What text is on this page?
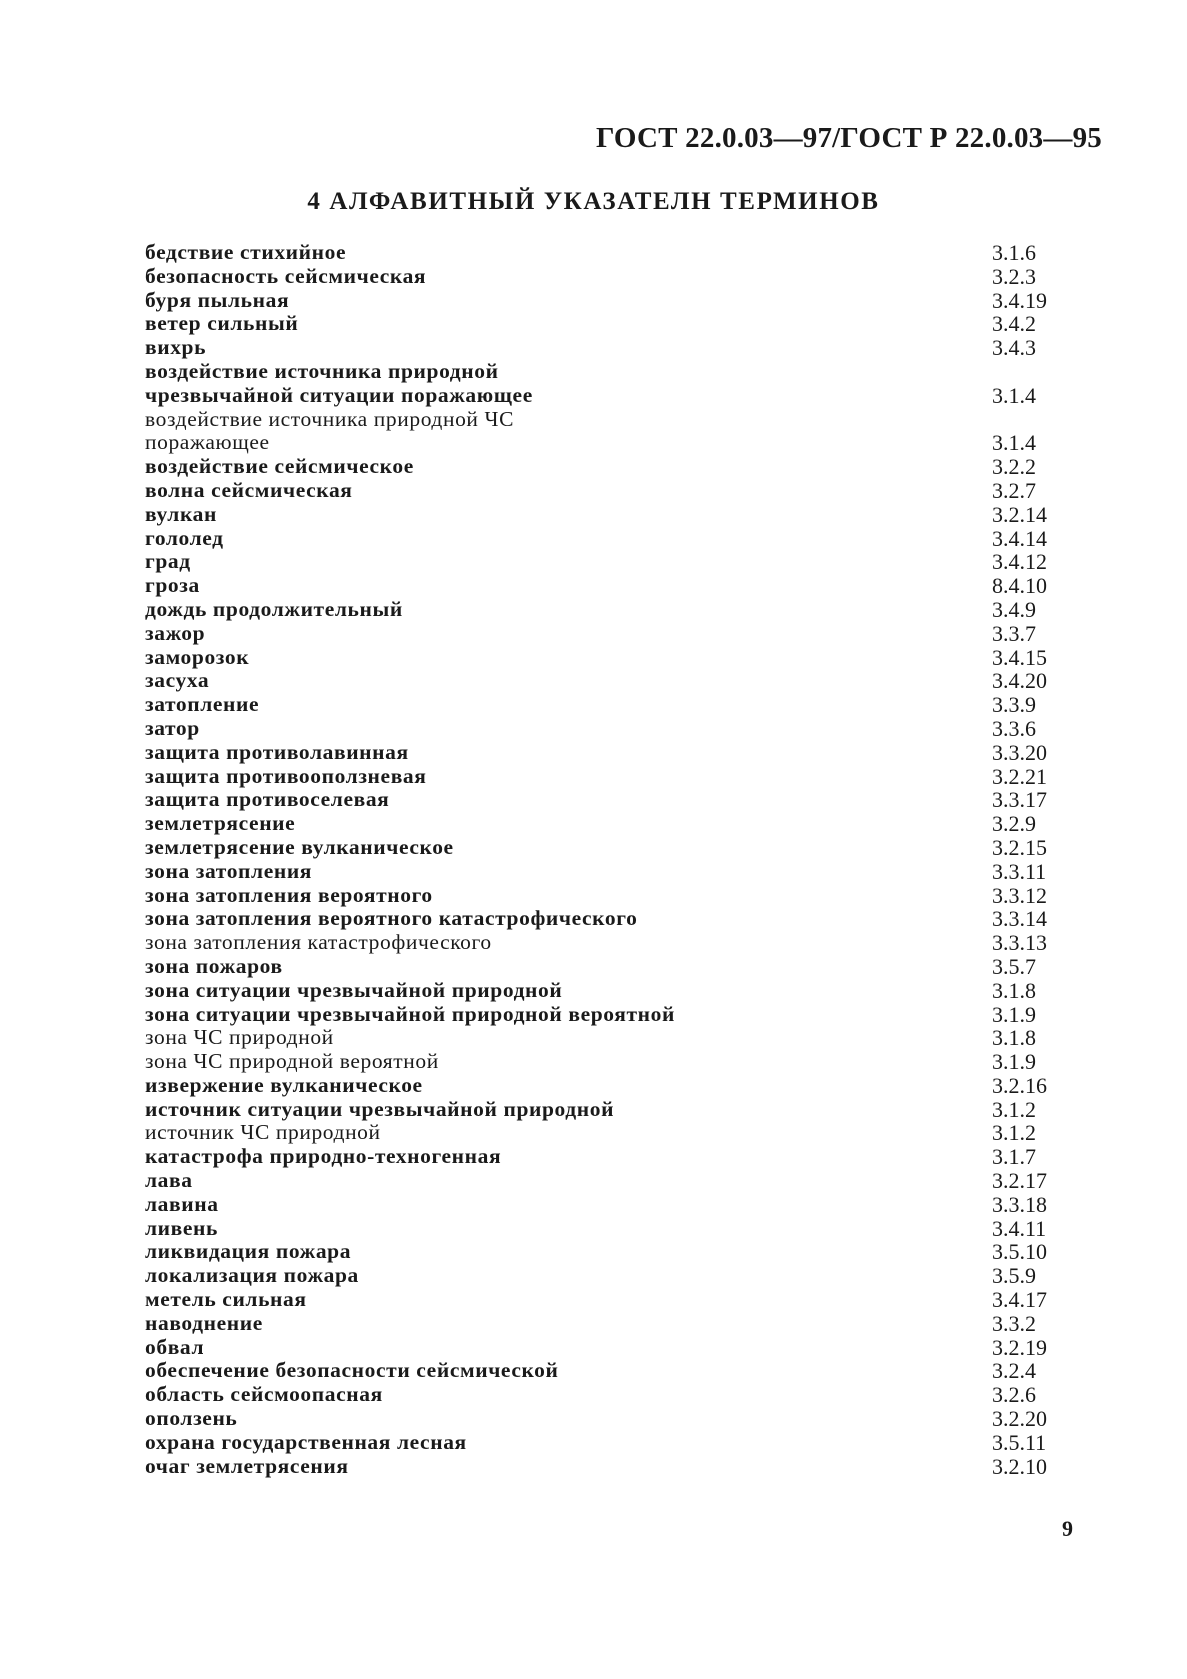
ГОСТ 22.0.03—97/ГОСТ Р 22.0.03—95
4 АЛФАВИТНЫЙ УКАЗАТЕЛН ТЕРМИНОВ
бедствие стихийное	3.1.6
безопасность сейсмическая	3.2.3
буря пыльная	3.4.19
ветер сильный	3.4.2
вихрь	3.4.3
воздействие источника природной
чрезвычайной ситуации поражающее	3.1.4
воздействие источника природной ЧС
поражающее	3.1.4
воздействие сейсмическое	3.2.2
волна сейсмическая	3.2.7
вулкан	3.2.14
гололед	3.4.14
град	3.4.12
гроза	8.4.10
дождь продолжительный	3.4.9
зажор	3.3.7
заморозок	3.4.15
засуха	3.4.20
затопление	3.3.9
затор	3.3.6
защита противолавинная	3.3.20
защита противооползневая	3.2.21
защита противоселевая	3.3.17
землетрясение	3.2.9
землетрясение вулканическое	3.2.15
зона затопления	3.3.11
зона затопления вероятного	3.3.12
зона затопления вероятного катастрофического	3.3.14
зона затопления катастрофического	3.3.13
зона пожаров	3.5.7
зона ситуации чрезвычайной природной	3.1.8
зона ситуации чрезвычайной природной вероятной	3.1.9
зона ЧС природной	3.1.8
зона ЧС природной вероятной	3.1.9
извержение вулканическое	3.2.16
источник ситуации чрезвычайной природной	3.1.2
источник ЧС природной	3.1.2
катастрофа природно-техногенная	3.1.7
лава	3.2.17
лавина	3.3.18
ливень	3.4.11
ликвидация пожара	3.5.10
локализация пожара	3.5.9
метель сильная	3.4.17
наводнение	3.3.2
обвал	3.2.19
обеспечение безопасности сейсмической	3.2.4
область сейсмоопасная	3.2.6
оползень	3.2.20
охрана государственная лесная	3.5.11
очаг землетрясения	3.2.10
9
